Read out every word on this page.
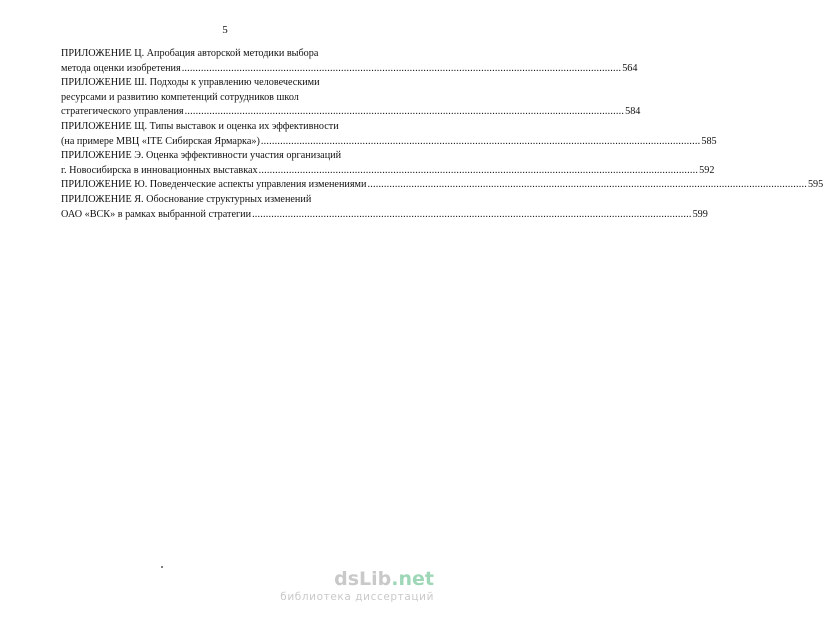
5
ПРИЛОЖЕНИЕ Ц. Апробация авторской методики выбора
метода оценки изобретения ................................................................................................................................................................ 564
ПРИЛОЖЕНИЕ Ш. Подходы к управлению человеческими
ресурсами и развитию компетенций сотрудников школ
стратегического управления ................................................................................................................................................................ 584
ПРИЛОЖЕНИЕ Щ. Типы выставок и оценка их эффективности
(на примере МВЦ «ITE Сибирская Ярмарка») ................................................................................................................................................................ 585
ПРИЛОЖЕНИЕ Э. Оценка эффективности участия организаций
г. Новосибирска в инновационных выставках ................................................................................................................................................................ 592
ПРИЛОЖЕНИЕ Ю. Поведенческие аспекты управления изменениями ................................................................................................................................................................ 595
ПРИЛОЖЕНИЕ Я. Обоснование структурных изменений
ОАО «ВСК» в рамках выбранной стратегии ................................................................................................................................................................ 599
dsLib.net
библиотека диссертаций
